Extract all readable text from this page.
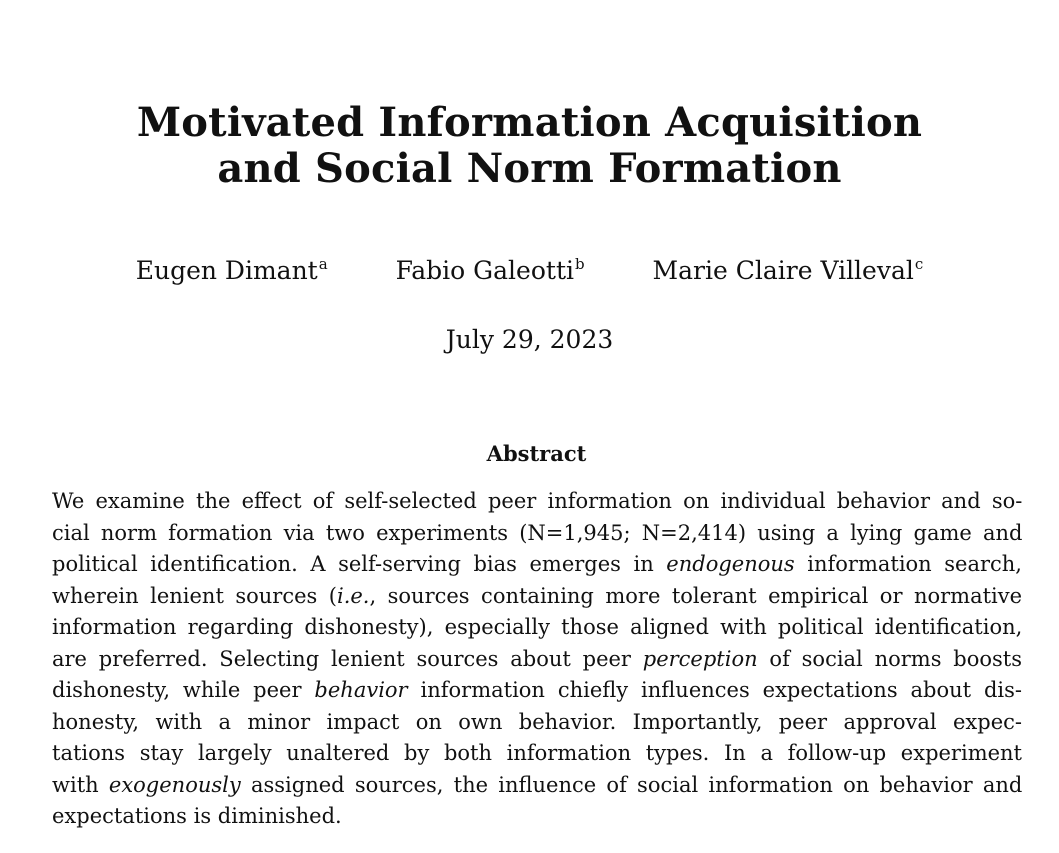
Motivated Information Acquisition
and Social Norm Formation
Eugen Dimant$^a$	Fabio Galeotti$^b$	Marie Claire Villeval$^c$
July 29, 2023
Abstract
We examine the effect of self-selected peer information on individual behavior and so-
cial norm formation via two experiments (N=1,945; N=2,414) using a lying game and
political identification. A self-serving bias emerges in endogenous information search,
wherein lenient sources (i.e., sources containing more tolerant empirical or normative
information regarding dishonesty), especially those aligned with political identification,
are preferred. Selecting lenient sources about peer perception of social norms boosts
dishonesty, while peer behavior information chiefly influences expectations about dis-
honesty, with a minor impact on own behavior. Importantly, peer approval expec-
tations stay largely unaltered by both information types. In a follow-up experiment
with exogenously assigned sources, the influence of social information on behavior and
expectations is diminished.
